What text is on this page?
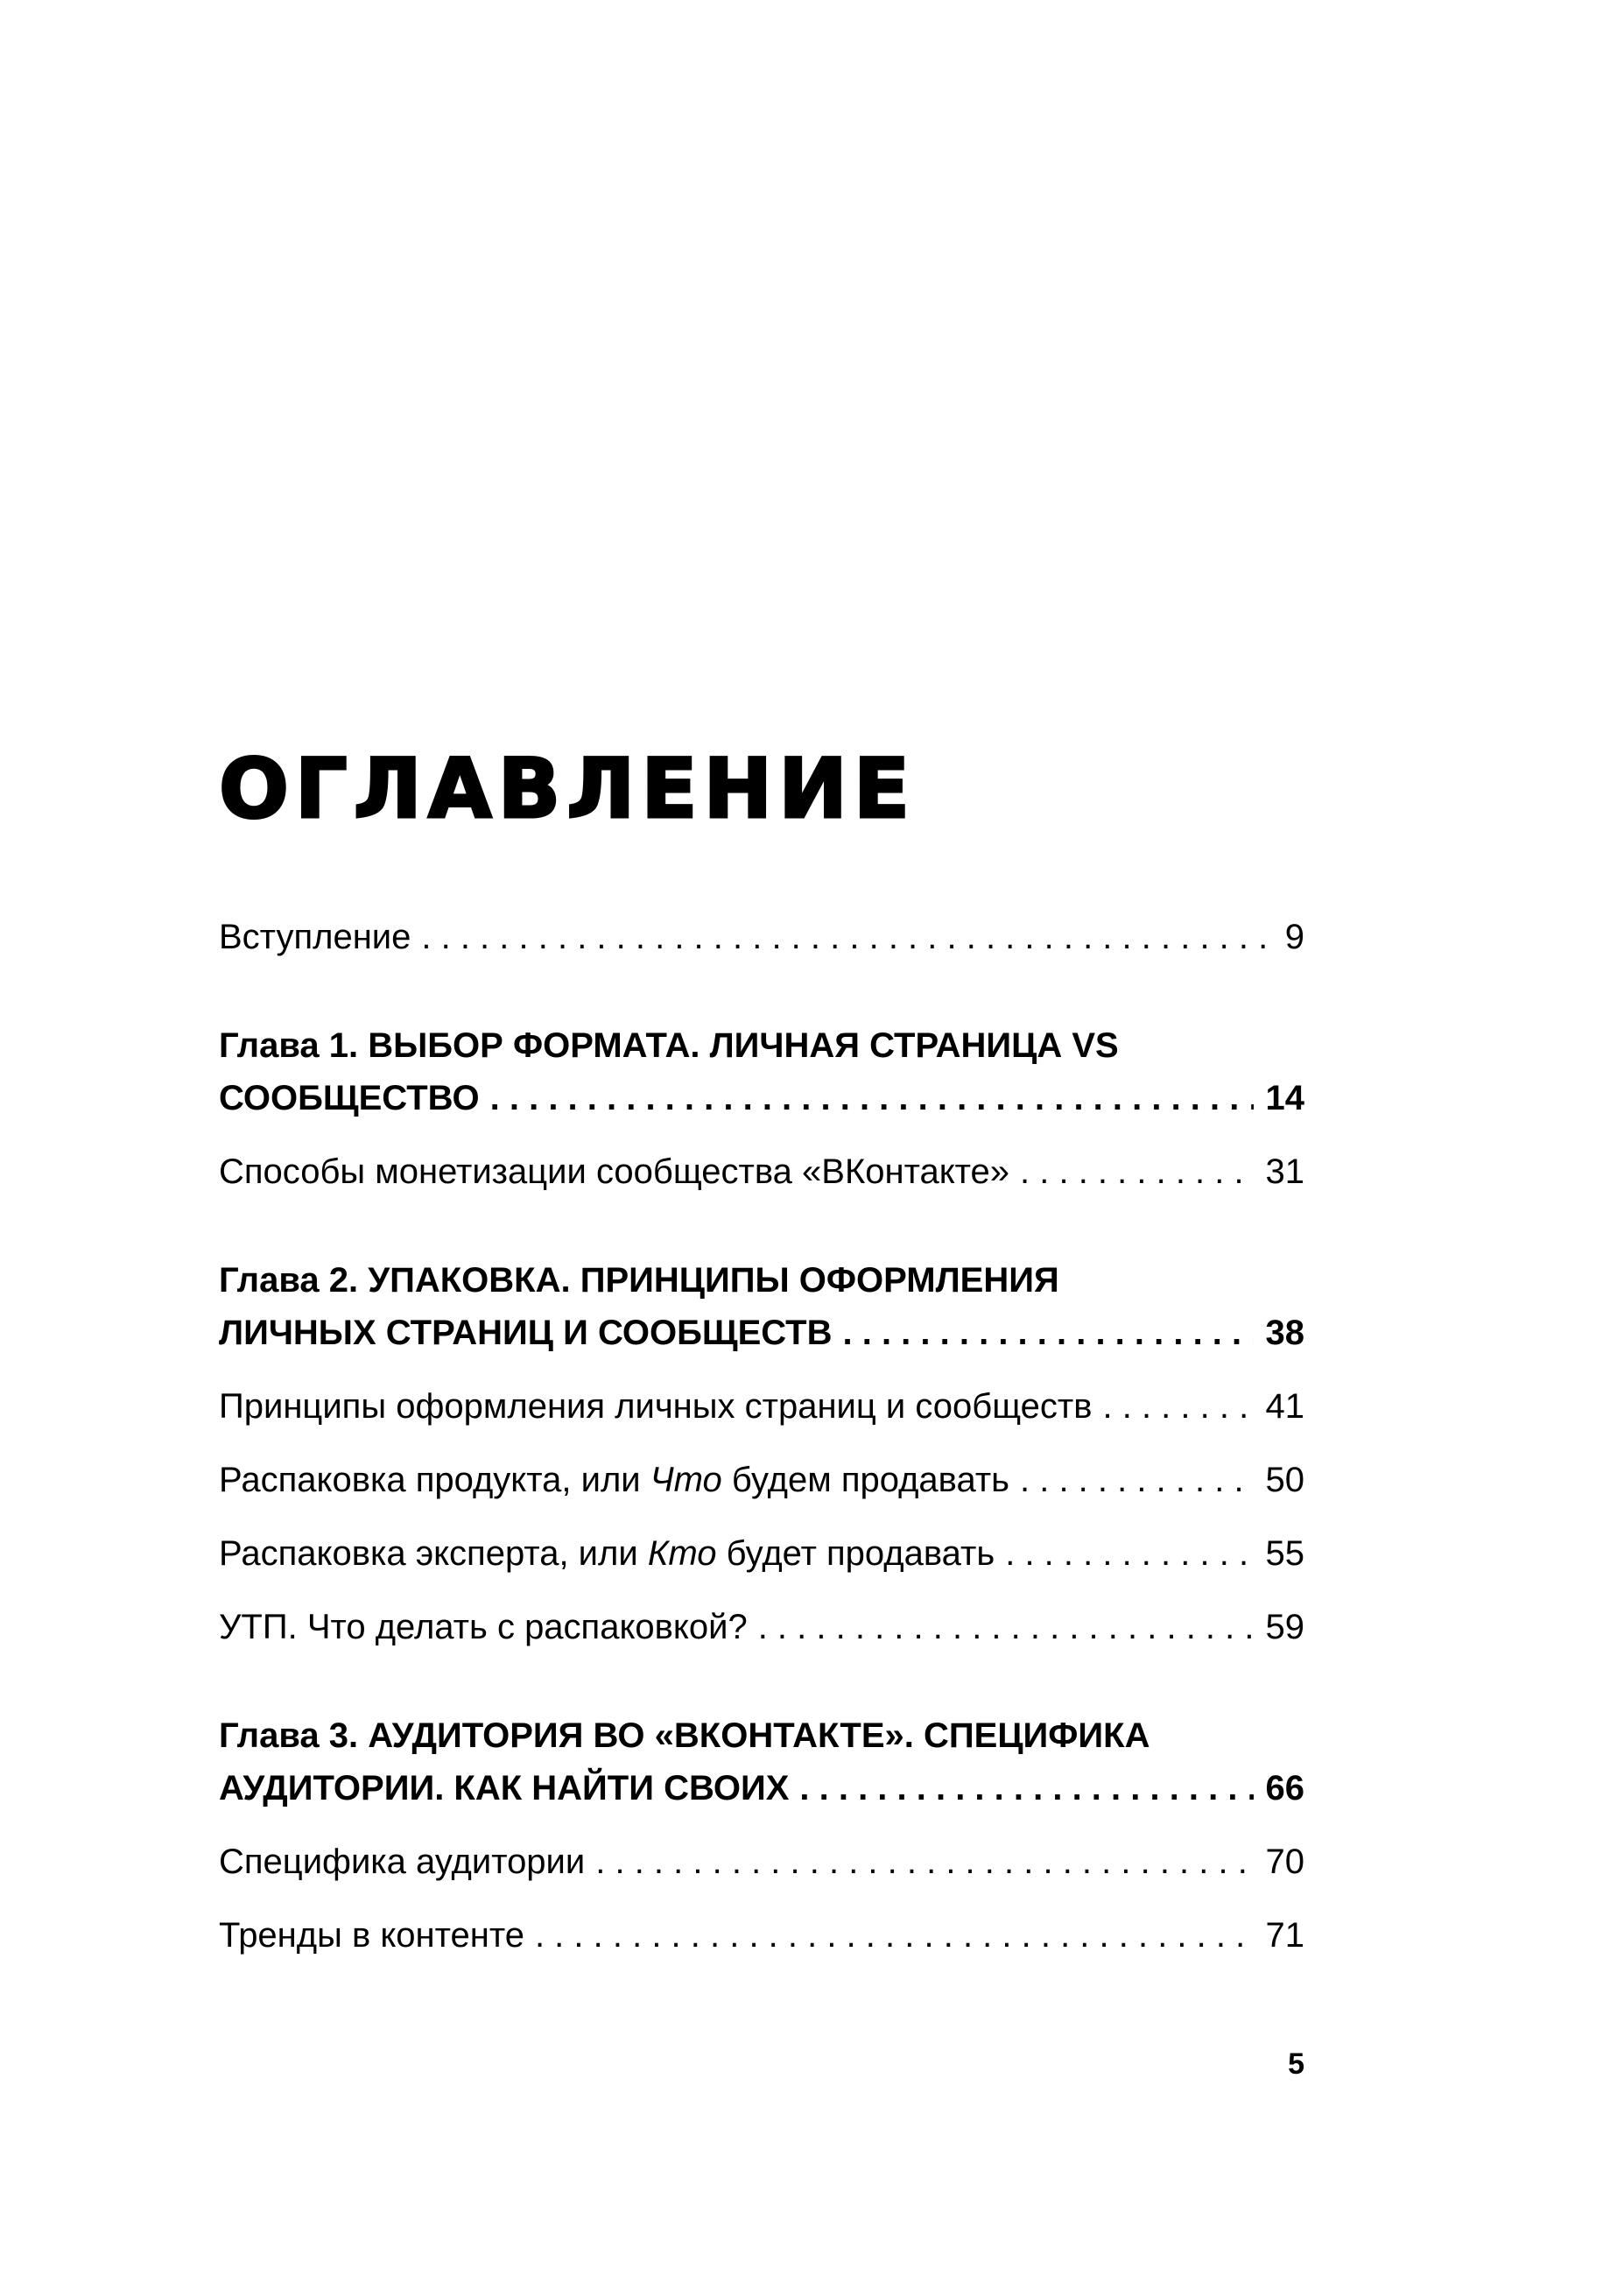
ОГЛАВЛЕНИЕ
Вступление . . .	9
Глава 1. ВЫБОР ФОРМАТА. ЛИЧНАЯ СТРАНИЦА VS
СООБЩЕСТВО . . .	14
Способы монетизации сообщества «ВКонтакте» . . .	31
Глава 2. УПАКОВКА. ПРИНЦИПЫ ОФОРМЛЕНИЯ
ЛИЧНЫХ СТРАНИЦ И СООБЩЕСТВ . . .	38
Принципы оформления личных страниц и сообществ . . .	41
Распаковка продукта, или Что будем продавать . . .	50
Распаковка эксперта, или Кто будет продавать . . .	55
УТП. Что делать с распаковкой? . . .	59
Глава 3. АУДИТОРИЯ ВО «ВКОНТАКТЕ». СПЕЦИФИКА
АУДИТОРИИ. КАК НАЙТИ СВОИХ . . .	66
Специфика аудитории . . .	70
Тренды в контенте . . .	71
5
